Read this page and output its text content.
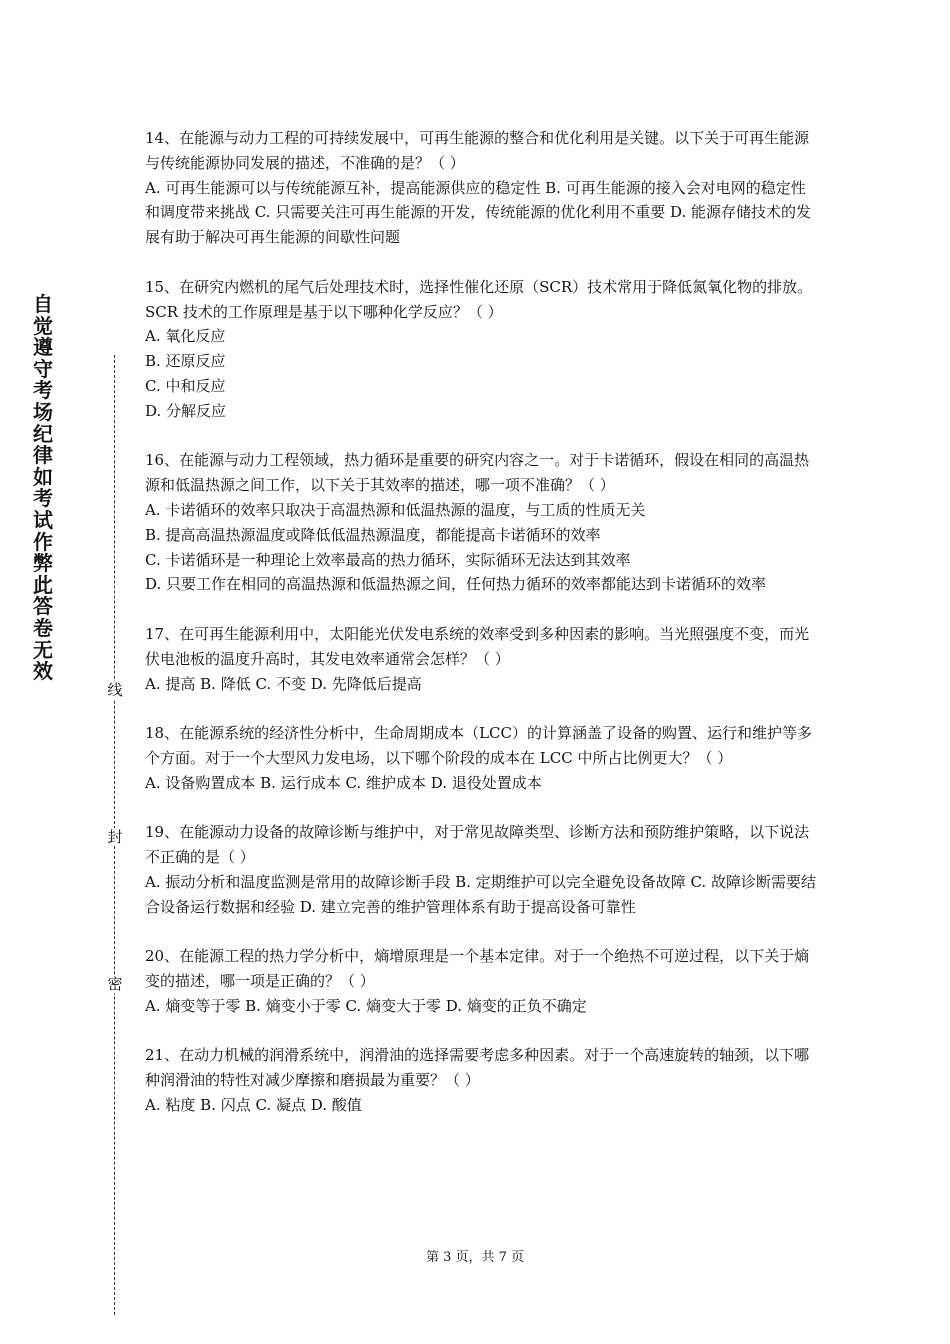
自觉遵守考场纪律如考试作弊此答卷无效
线
封
密

14、在能源与动力工程的可持续发展中，可再生能源的整合和优化利用是关键。以下关于可再生能源与传统能源协同发展的描述，不准确的是？（ ）

A. 可再生能源可以与传统能源互补，提高能源供应的稳定性 B. 可再生能源的接入会对电网的稳定性和调度带来挑战 C. 只需要关注可再生能源的开发，传统能源的优化利用不重要 D. 能源存储技术的发展有助于解决可再生能源的间歇性问题

15、在研究内燃机的尾气后处理技术时，选择性催化还原（SCR）技术常用于降低氮氧化物的排放。SCR 技术的工作原理是基于以下哪种化学反应？（ ）

A. 氧化反应

B. 还原反应

C. 中和反应

D. 分解反应

16、在能源与动力工程领域，热力循环是重要的研究内容之一。对于卡诺循环，假设在相同的高温热源和低温热源之间工作，以下关于其效率的描述，哪一项不准确？（ ）

A. 卡诺循环的效率只取决于高温热源和低温热源的温度，与工质的性质无关

B. 提高高温热源温度或降低低温热源温度，都能提高卡诺循环的效率

C. 卡诺循环是一种理论上效率最高的热力循环，实际循环无法达到其效率

D. 只要工作在相同的高温热源和低温热源之间，任何热力循环的效率都能达到卡诺循环的效率

17、在可再生能源利用中，太阳能光伏发电系统的效率受到多种因素的影响。当光照强度不变，而光伏电池板的温度升高时，其发电效率通常会怎样？（ ）

A. 提高 B. 降低 C. 不变 D. 先降低后提高

18、在能源系统的经济性分析中，生命周期成本（LCC）的计算涵盖了设备的购置、运行和维护等多个方面。对于一个大型风力发电场，以下哪个阶段的成本在 LCC 中所占比例更大？（ ）

A. 设备购置成本 B. 运行成本 C. 维护成本 D. 退役处置成本

19、在能源动力设备的故障诊断与维护中，对于常见故障类型、诊断方法和预防维护策略，以下说法不正确的是（ ）

A. 振动分析和温度监测是常用的故障诊断手段 B. 定期维护可以完全避免设备故障 C. 故障诊断需要结合设备运行数据和经验 D. 建立完善的维护管理体系有助于提高设备可靠性

20、在能源工程的热力学分析中，熵增原理是一个基本定律。对于一个绝热不可逆过程，以下关于熵变的描述，哪一项是正确的？（ ）

A. 熵变等于零 B. 熵变小于零 C. 熵变大于零 D. 熵变的正负不确定

21、在动力机械的润滑系统中，润滑油的选择需要考虑多种因素。对于一个高速旋转的轴颈，以下哪种润滑油的特性对减少摩擦和磨损最为重要？（ ）

A. 粘度 B. 闪点 C. 凝点 D. 酸值

第 3 页，共 7 页
